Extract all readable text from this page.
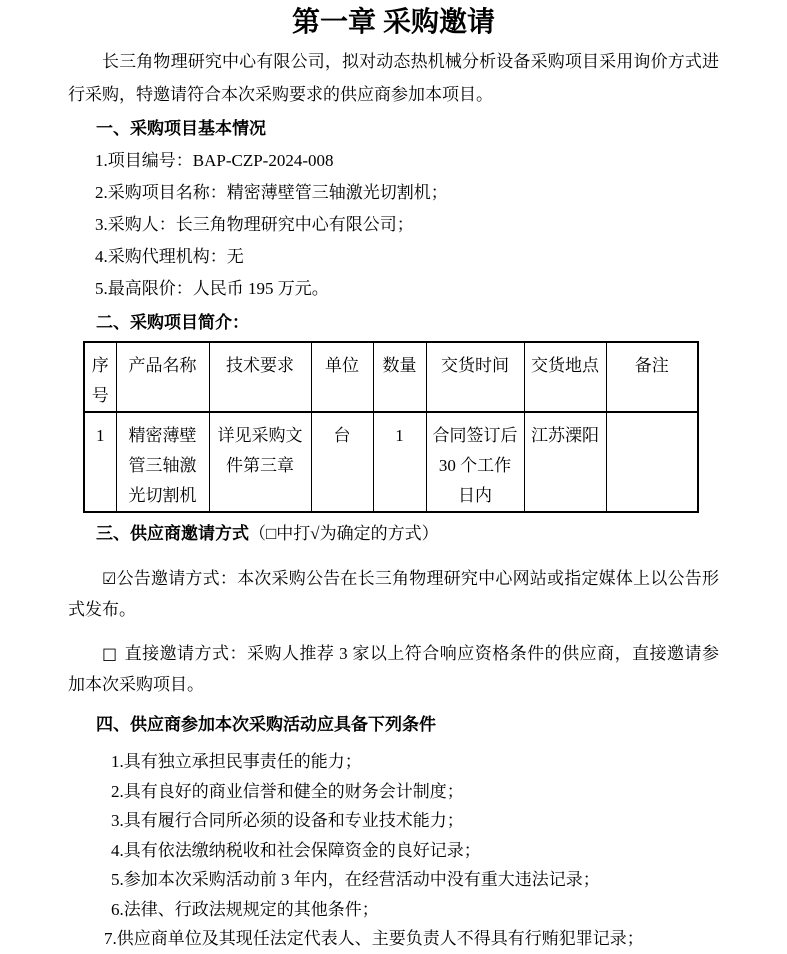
第一章 采购邀请

长三角物理研究中心有限公司，拟对动态热机械分析设备采购项目采用询价方式进行采购，特邀请符合本次采购要求的供应商参加本项目。

一、采购项目基本情况
1.项目编号：BAP-CZP-2024-008
2.采购项目名称：精密薄壁管三轴激光切割机；
3.采购人：长三角物理研究中心有限公司；
4.采购代理机构：无
5.最高限价：人民币 195 万元。
二、采购项目简介：
序号	产品名称	技术要求	单位	数量	交货时间	交货地点	备注
1	精密薄壁管三轴激光切割机	详见采购文件第三章	台	1	合同签订后 30 个工作日内	江苏溧阳	
三、供应商邀请方式（□中打√为确定的方式）

☑公告邀请方式：本次采购公告在长三角物理研究中心网站或指定媒体上以公告形式发布。

□ 直接邀请方式：采购人推荐 3 家以上符合响应资格条件的供应商，直接邀请参加本次采购项目。

四、供应商参加本次采购活动应具备下列条件
1.具有独立承担民事责任的能力；
2.具有良好的商业信誉和健全的财务会计制度；
3.具有履行合同所必须的设备和专业技术能力；
4.具有依法缴纳税收和社会保障资金的良好记录；
5.参加本次采购活动前 3 年内，在经营活动中没有重大违法记录；
6.法律、行政法规规定的其他条件；
7.供应商单位及其现任法定代表人、主要负责人不得具有行贿犯罪记录；
